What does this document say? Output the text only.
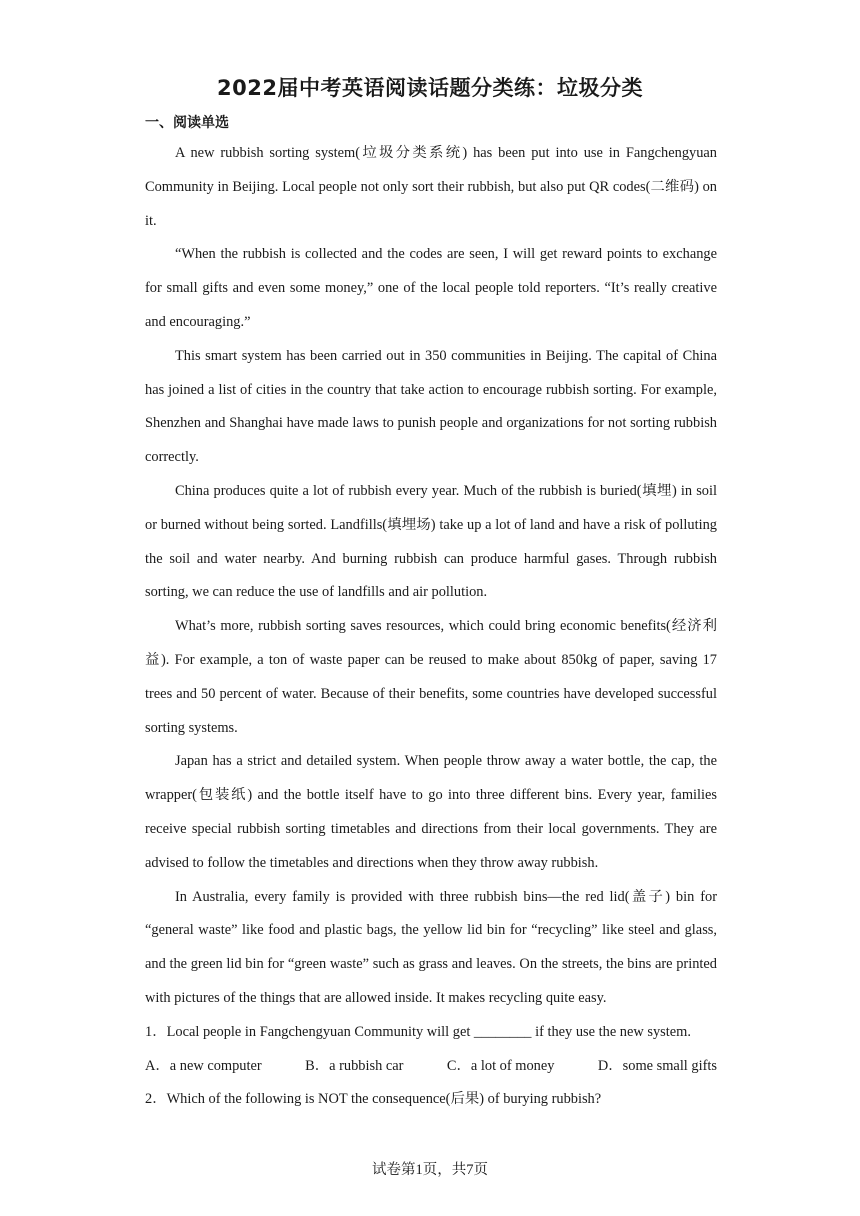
2022届中考英语阅读话题分类练：垃圾分类
一、阅读单选

A new rubbish sorting system(垃圾分类系统) has been put into use in Fangchengyuan Community in Beijing. Local people not only sort their rubbish, but also put QR codes(二维码) on it.

“When the rubbish is collected and the codes are seen, I will get reward points to exchange for small gifts and even some money,” one of the local people told reporters. “It’s really creative and encouraging.”

This smart system has been carried out in 350 communities in Beijing. The capital of China has joined a list of cities in the country that take action to encourage rubbish sorting. For example, Shenzhen and Shanghai have made laws to punish people and organizations for not sorting rubbish correctly.

China produces quite a lot of rubbish every year. Much of the rubbish is buried(填埋) in soil or burned without being sorted. Landfills(填埋场) take up a lot of land and have a risk of polluting the soil and water nearby. And burning rubbish can produce harmful gases. Through rubbish sorting, we can reduce the use of landfills and air pollution.

What’s more, rubbish sorting saves resources, which could bring economic benefits(经济利益). For example, a ton of waste paper can be reused to make about 850kg of paper, saving 17 trees and 50 percent of water. Because of their benefits, some countries have developed successful sorting systems.

Japan has a strict and detailed system. When people throw away a water bottle, the cap, the wrapper(包装纸) and the bottle itself have to go into three different bins. Every year, families receive special rubbish sorting timetables and directions from their local governments. They are advised to follow the timetables and directions when they throw away rubbish.

In Australia, every family is provided with three rubbish bins—the red lid(盖子) bin for “general waste” like food and plastic bags, the yellow lid bin for “recycling” like steel and glass, and the green lid bin for “green waste” such as grass and leaves. On the streets, the bins are printed with pictures of the things that are allowed inside. It makes recycling quite easy.

1．Local people in Fangchengyuan Community will get ________ if they use the new system.
A．a new computer	B．a rubbish car	C．a lot of money	D．some small gifts
2．Which of the following is NOT the consequence(后果) of burying rubbish?
试卷第1页，共7页
